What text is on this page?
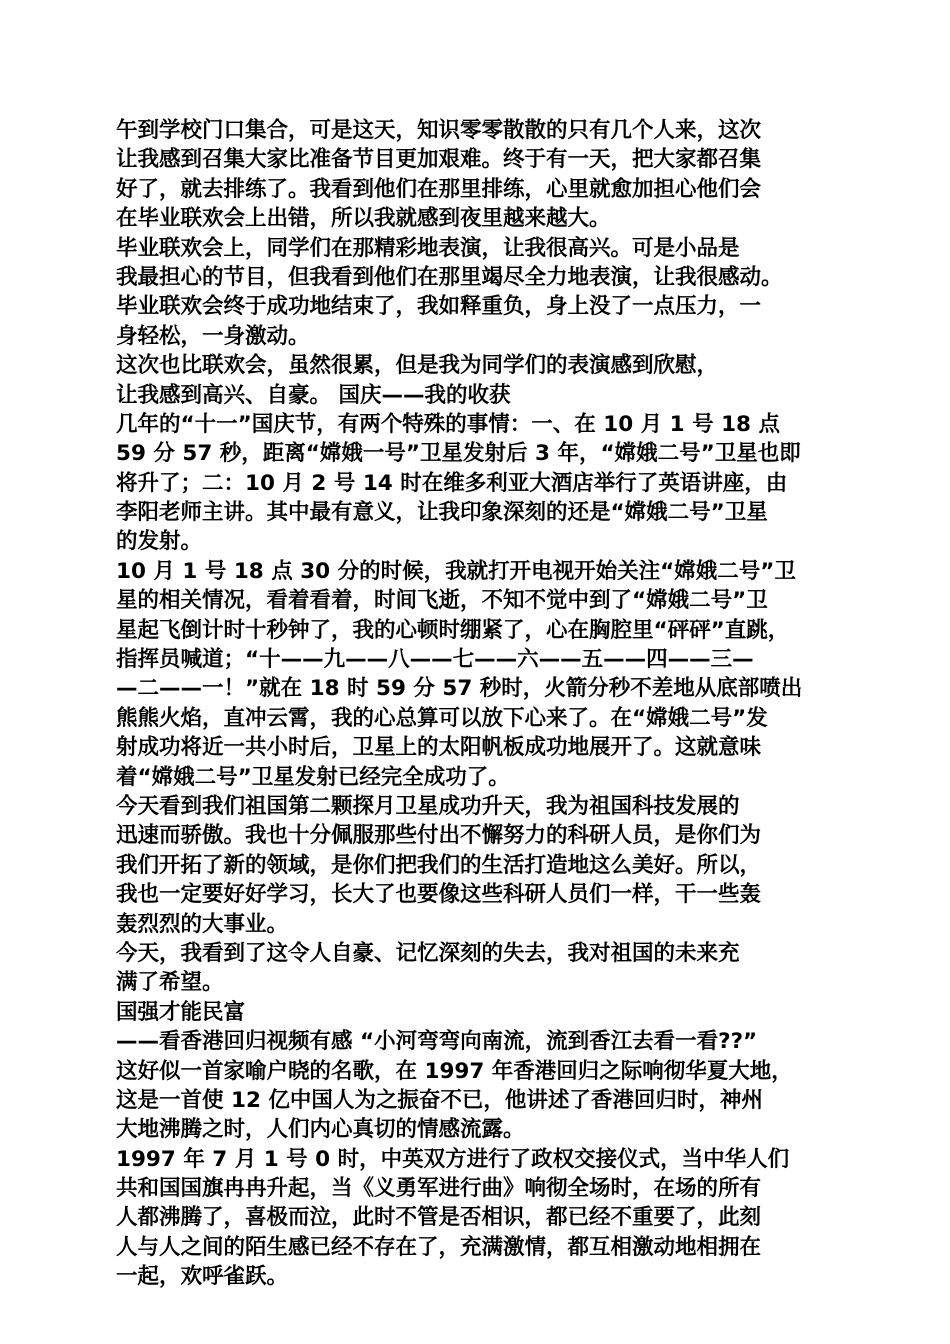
午到学校门口集合，可是这天，知识零零散散的只有几个人来，这次
让我感到召集大家比准备节目更加艰难。终于有一天，把大家都召集
好了，就去排练了。我看到他们在那里排练，心里就愈加担心他们会
在毕业联欢会上出错，所以我就感到夜里越来越大。
毕业联欢会上，同学们在那精彩地表演，让我很高兴。可是小品是
我最担心的节目，但我看到他们在那里竭尽全力地表演，让我很感动。
毕业联欢会终于成功地结束了，我如释重负，身上没了一点压力，一
身轻松，一身激动。
这次也比联欢会，虽然很累，但是我为同学们的表演感到欣慰，
让我感到高兴、自豪。 国庆——我的收获
几年的“十一”国庆节，有两个特殊的事情：一、在 10 月 1 号 18 点
59 分 57 秒，距离“嫦娥一号”卫星发射后 3 年，“嫦娥二号”卫星也即
将升了；二：10 月 2 号 14 时在维多利亚大酒店举行了英语讲座，由
李阳老师主讲。其中最有意义，让我印象深刻的还是“嫦娥二号”卫星
的发射。
10 月 1 号 18 点 30 分的时候，我就打开电视开始关注“嫦娥二号”卫
星的相关情况，看着看着，时间飞逝，不知不觉中到了“嫦娥二号”卫
星起飞倒计时十秒钟了，我的心顿时绷紧了，心在胸腔里“砰砰”直跳，
指挥员喊道；“十——九——八——七——六——五——四——三—
—二——一！”就在 18 时 59 分 57 秒时，火箭分秒不差地从底部喷出
熊熊火焰，直冲云霄，我的心总算可以放下心来了。在“嫦娥二号”发
射成功将近一共小时后，卫星上的太阳帆板成功地展开了。这就意味
着“嫦娥二号”卫星发射已经完全成功了。
今天看到我们祖国第二颗探月卫星成功升天，我为祖国科技发展的
迅速而骄傲。我也十分佩服那些付出不懈努力的科研人员，是你们为
我们开拓了新的领域，是你们把我们的生活打造地这么美好。所以，
我也一定要好好学习，长大了也要像这些科研人员们一样，干一些轰
轰烈烈的大事业。
今天，我看到了这令人自豪、记忆深刻的失去，我对祖国的未来充
满了希望。
国强才能民富
——看香港回归视频有感 “小河弯弯向南流，流到香江去看一看??”
这好似一首家喻户晓的名歌，在 1997 年香港回归之际响彻华夏大地，
这是一首使 12 亿中国人为之振奋不已，他讲述了香港回归时，神州
大地沸腾之时，人们内心真切的情感流露。
1997 年 7 月 1 号 0 时，中英双方进行了政权交接仪式，当中华人们
共和国国旗冉冉升起，当《义勇军进行曲》响彻全场时，在场的所有
人都沸腾了，喜极而泣，此时不管是否相识，都已经不重要了，此刻
人与人之间的陌生感已经不存在了，充满激情，都互相激动地相拥在
一起，欢呼雀跃。
